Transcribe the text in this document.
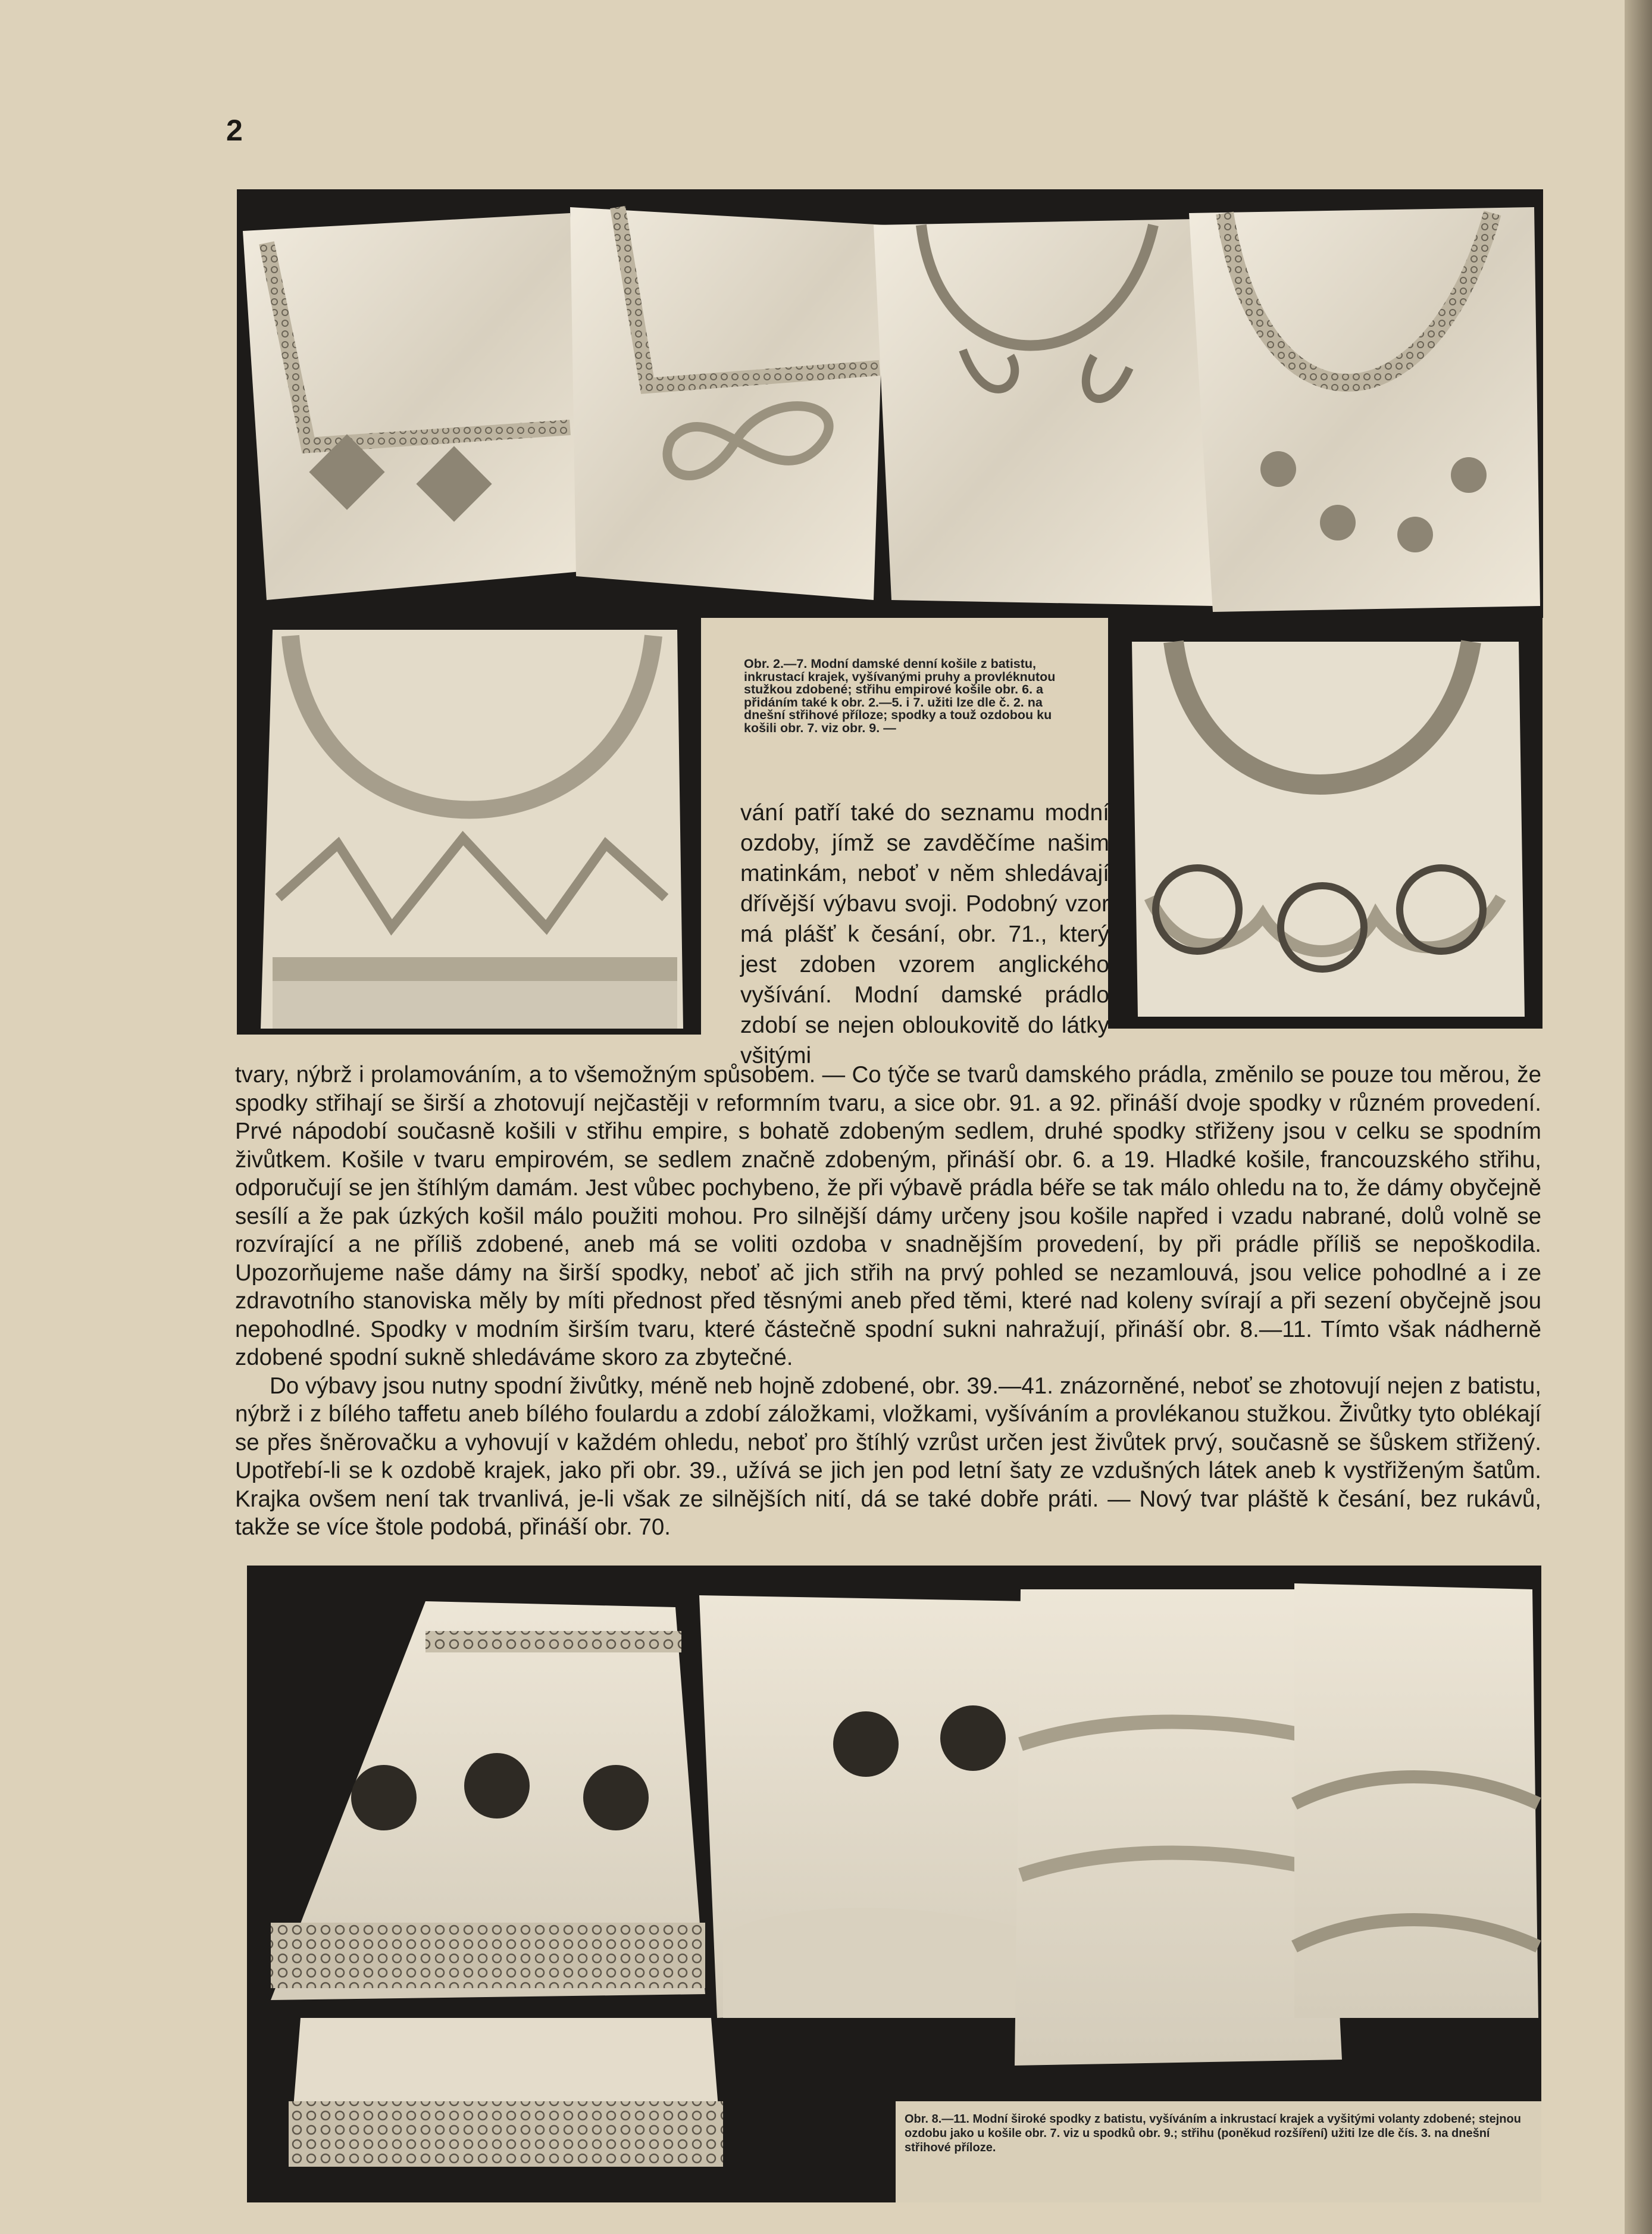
2
Obr. 2.—7. Modní damské denní košile z batistu, inkrustací krajek, vyšívanými pruhy a provléknutou stužkou zdobené; střihu empirové košile obr. 6. a přidáním také k obr. 2.—5. i 7. užiti lze dle č. 2. na dnešní střihové příloze; spodky a touž ozdobou ku košili obr. 7. viz obr. 9. —

vání patří také do seznamu modní ozdoby, jímž se zavděčíme našim matinkám, neboť v něm shledávají dřívější výbavu svoji. Podobný vzor má plášť k česání, obr. 71., který jest zdoben vzorem anglického vyšívání. Modní damské prádlo zdobí se nejen obloukovitě do látky všitými

tvary, nýbrž i prolamováním, a to všemožným spůsobem. — Co týče se tvarů damského prádla, změnilo se pouze tou měrou, že spodky střihají se širší a zhotovují nejčastěji v reformním tvaru, a sice obr. 91. a 92. přináší dvoje spodky v různém provedení. Prvé nápodobí současně košili v střihu empire, s bohatě zdobeným sedlem, druhé spodky střiženy jsou v celku se spodním živůtkem. Košile v tvaru empirovém, se sedlem značně zdobeným, přináší obr. 6. a 19. Hladké košile, francouzského střihu, odporučují se jen štíhlým damám. Jest vůbec pochybeno, že při výbavě prádla béře se tak málo ohledu na to, že dámy obyčejně sesílí a že pak úzkých košil málo použiti mohou. Pro silnější dámy určeny jsou košile napřed i vzadu nabrané, dolů volně se rozvírající a ne příliš zdobené, aneb má se voliti ozdoba v snadnějším provedení, by při prádle příliš se nepoškodila. Upozorňujeme naše dámy na širší spodky, neboť ač jich střih na prvý pohled se nezamlouvá, jsou velice pohodlné a i ze zdravotního stanoviska měly by míti přednost před těsnými aneb před těmi, které nad koleny svírají a při sezení obyčejně jsou nepohodlné. Spodky v modním širším tvaru, které částečně spodní sukni nahražují, přináší obr. 8.—11. Tímto však nádherně zdobené spodní sukně shledáváme skoro za zbytečné.

Do výbavy jsou nutny spodní živůtky, méně neb hojně zdobené, obr. 39.—41. znázorněné, neboť se zhotovují nejen z batistu, nýbrž i z bílého taffetu aneb bílého foulardu a zdobí záložkami, vložkami, vyšíváním a provlékanou stužkou. Živůtky tyto oblékají se přes šněrovačku a vyhovují v každém ohledu, neboť pro štíhlý vzrůst určen jest živůtek prvý, současně se šůskem střižený. Upotřebí-li se k ozdobě krajek, jako při obr. 39., užívá se jich jen pod letní šaty ze vzdušných látek aneb k vystřiženým šatům. Krajka ovšem není tak trvanlivá, je-li však ze silnějších nití, dá se také dobře práti. — Nový tvar pláště k česání, bez rukávů, takže se více štole podobá, přináší obr. 70.

Obr. 8.—11. Modní široké spodky z batistu, vyšíváním a inkrustací krajek a vyšitými volanty zdobené; stejnou ozdobu jako u košile obr. 7. viz u spodků obr. 9.; střihu (poněkud rozšíření) užiti lze dle čís. 3. na dnešní střihové příloze.
